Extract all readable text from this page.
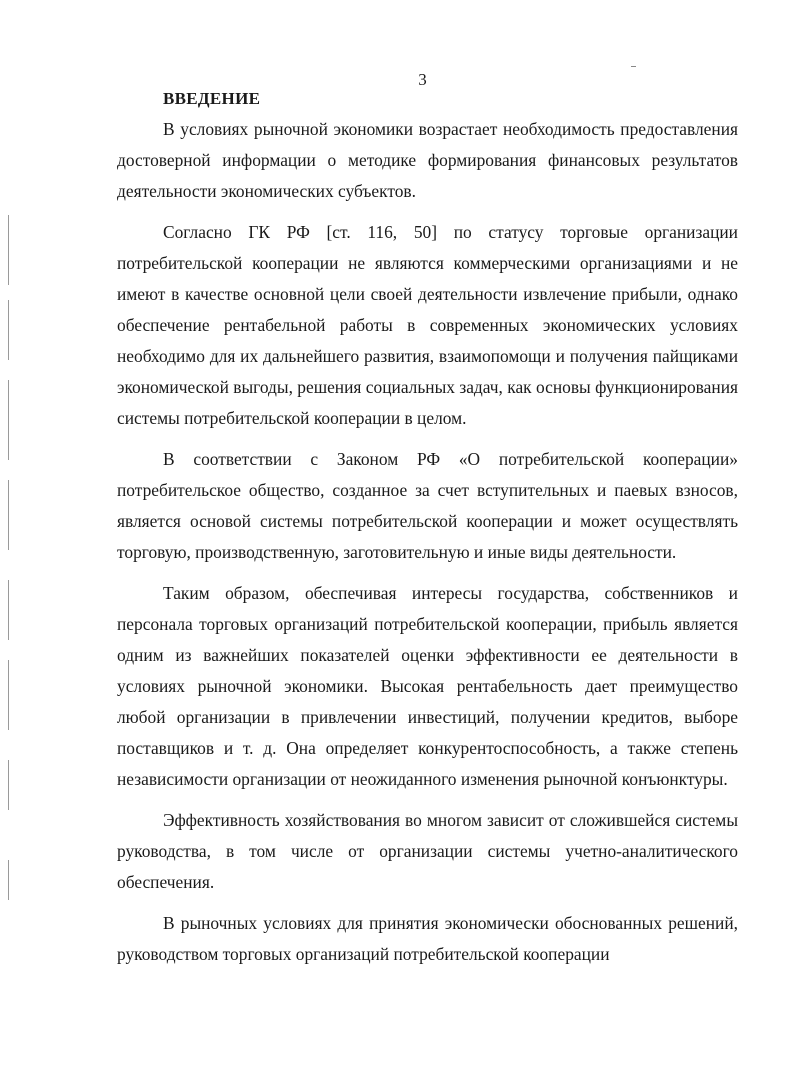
3
ВВЕДЕНИЕ

В условиях рыночной экономики возрастает необходимость предоставления достоверной информации о методике формирования финансовых результатов деятельности экономических субъектов.

Согласно ГК РФ [ст. 116, 50] по статусу торговые организации потребительской кооперации не являются коммерческими организациями и не имеют в качестве основной цели своей деятельности извлечение прибыли, однако обеспечение рентабельной работы в современных экономических условиях необходимо для их дальнейшего развития, взаимопомощи и получения пайщиками экономической выгоды, решения социальных задач, как основы функционирования системы потребительской кооперации в целом.

В соответствии с Законом РФ «О потребительской кооперации» потребительское общество, созданное за счет вступительных и паевых взносов, является основой системы потребительской кооперации и может осуществлять торговую, производственную, заготовительную и иные виды деятельности.

Таким образом, обеспечивая интересы государства, собственников и персонала торговых организаций потребительской кооперации, прибыль является одним из важнейших показателей оценки эффективности ее деятельности в условиях рыночной экономики. Высокая рентабельность дает преимущество любой организации в привлечении инвестиций, получении кредитов, выборе поставщиков и т. д. Она определяет конкурентоспособность, а также степень независимости организации от неожиданного изменения рыночной конъюнктуры.

Эффективность хозяйствования во многом зависит от сложившейся системы руководства, в том числе от организации системы учетно-аналитического обеспечения.

В рыночных условиях для принятия экономически обоснованных решений, руководством торговых организаций потребительской кооперации
